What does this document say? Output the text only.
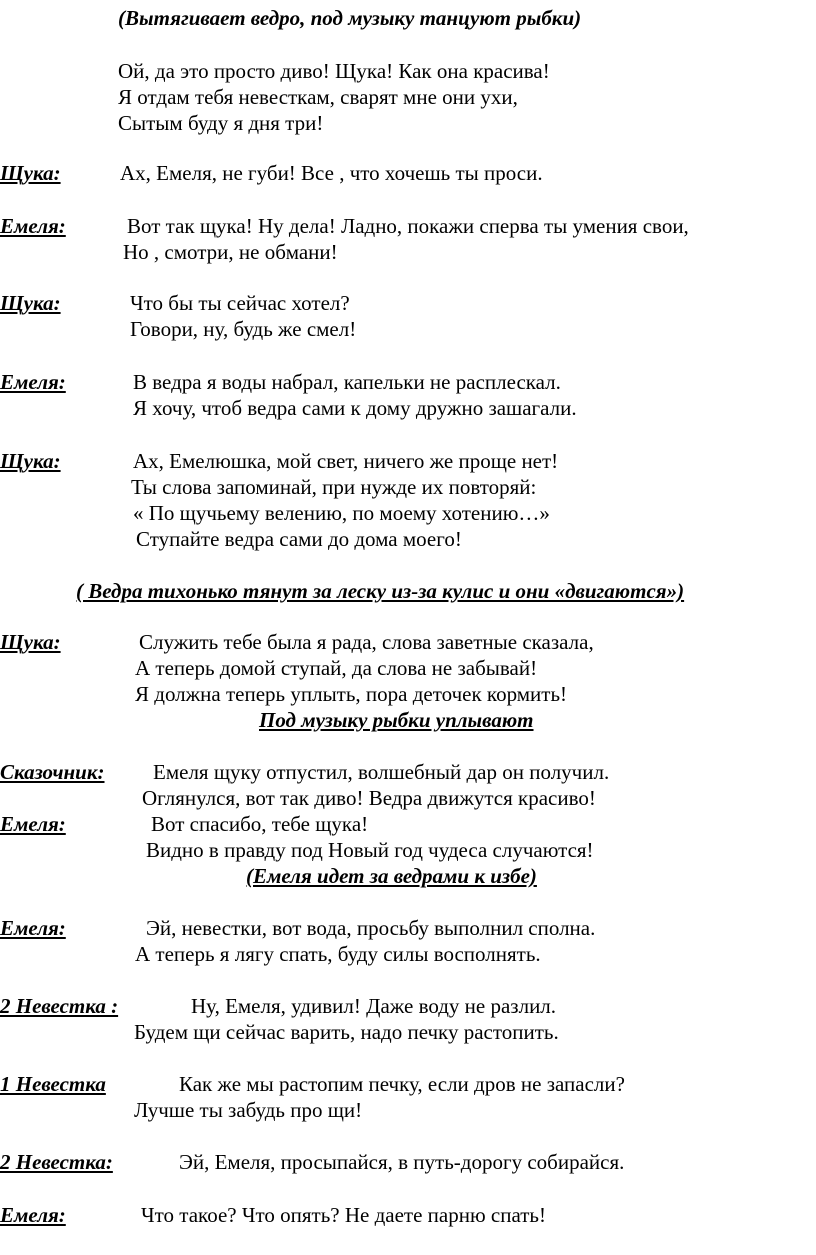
(Вытягивает ведро, под музыку танцуют рыбки)
Ой, да это просто диво! Щука! Как она красива!
Я отдам тебя невесткам, сварят мне они ухи,
Сытым буду я дня три!
Щука:	Ах, Емеля, не губи! Все , что хочешь ты проси.
Емеля:	Вот так щука! Ну дела! Ладно, покажи сперва ты умения свои,
Но , смотри, не обмани!
Щука:	Что бы ты сейчас хотел?
Говори, ну, будь же смел!
Емеля:	В ведра я воды набрал, капельки не расплескал.
Я хочу, чтоб ведра сами к дому дружно зашагали.
Щука:	Ах, Емелюшка, мой свет, ничего же проще нет!
Ты слова запоминай, при нужде их повторяй:
« По щучьему велению, по моему хотению…»
Ступайте ведра сами до дома моего!
( Ведра тихонько тянут за леску из-за кулис и они «двигаются»)
Щука:	Служить тебе была я рада, слова заветные сказала,
А теперь домой ступай, да слова не забывай!
Я должна теперь уплыть, пора деточек кормить!
Под музыку рыбки уплывают
Сказочник: Емеля щуку отпустил, волшебный дар он получил.
Оглянулся, вот так диво! Ведра движутся красиво!
Емеля:	Вот спасибо, тебе щука!
Видно в правду под Новый год чудеса случаются!
(Емеля идет за ведрами к избе)
Емеля:	Эй, невестки, вот вода, просьбу выполнил сполна.
А теперь я лягу спать, буду силы восполнять.
2 Невестка :	Ну, Емеля, удивил! Даже воду не разлил.
Будем щи сейчас варить, надо печку растопить.
1 Невестка	Как же мы растопим печку, если дров не запасли?
Лучше ты забудь про щи!
2 Невестка:	Эй, Емеля, просыпайся, в путь-дорогу собирайся.
Емеля:	Что такое? Что опять? Не даете парню спать!
